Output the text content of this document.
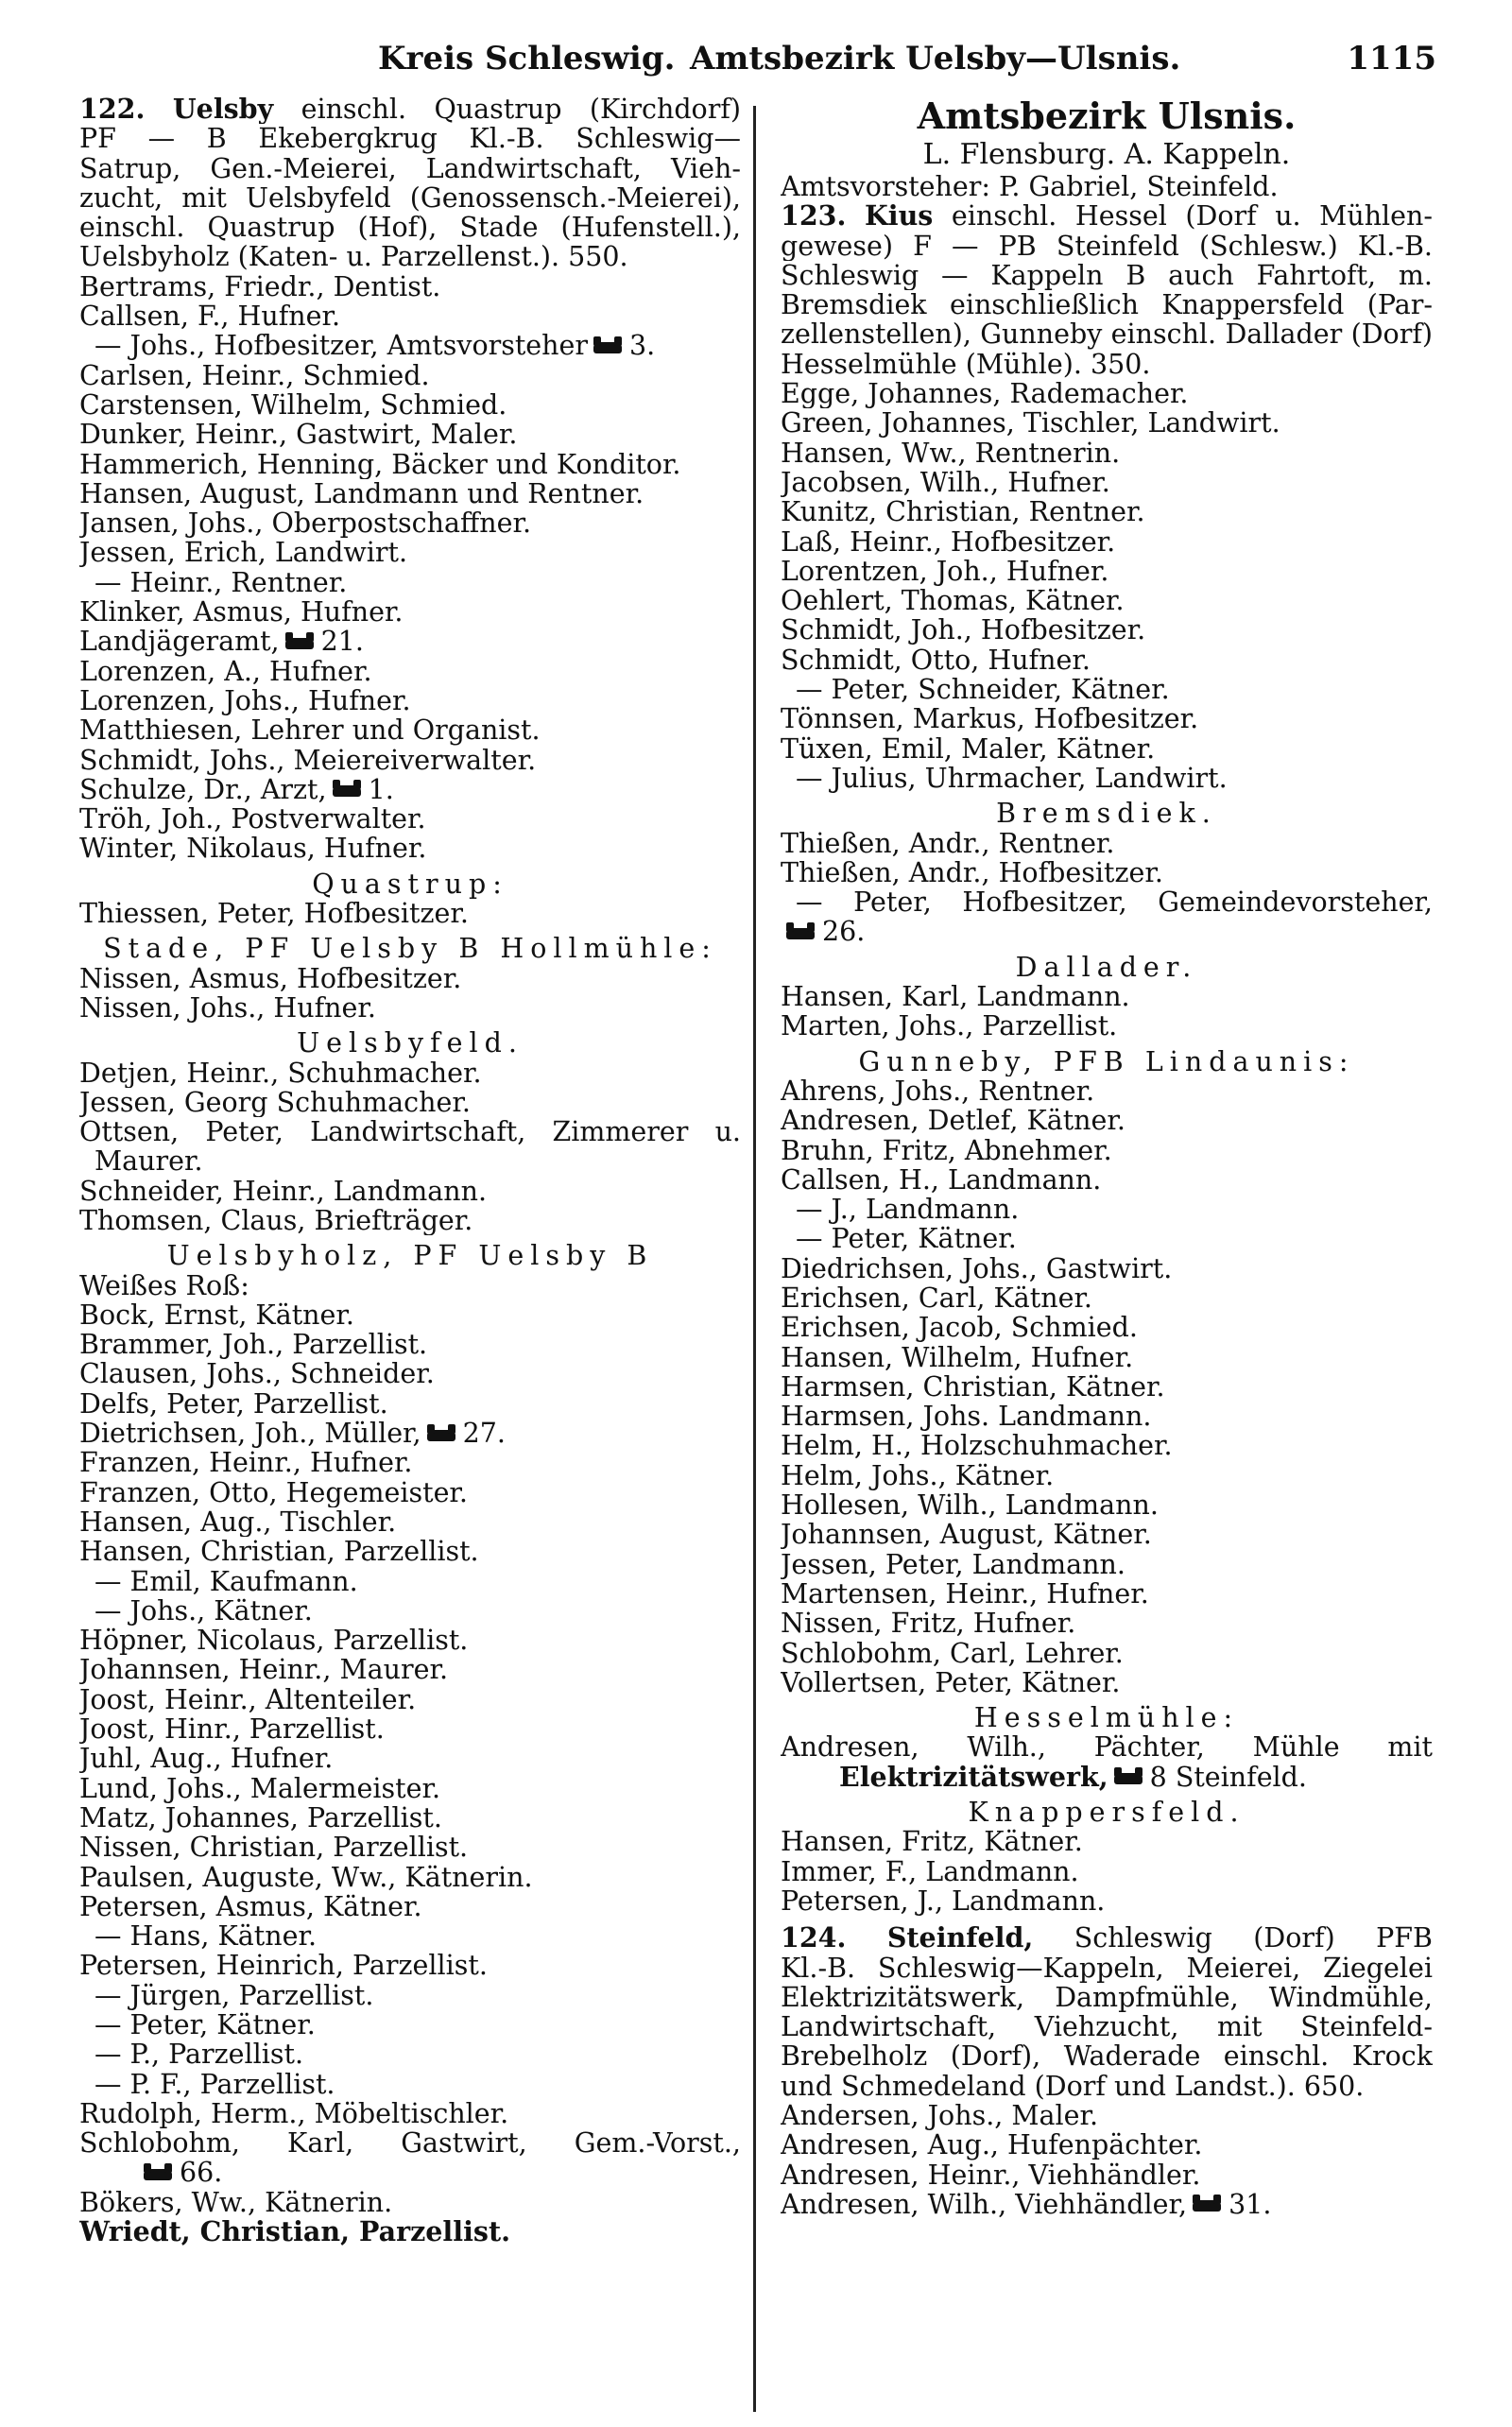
Kreis Schleswig. Amtsbezirk Uelsby—Ulsnis.	1115
122. Uelsby einschl. Quastrup (Kirchdorf)
PF — B Ekebergkrug Kl.-B. Schleswig—
Satrup, Gen.-Meierei, Landwirtschaft, Vieh-
zucht, mit Uelsbyfeld (Genossensch.-Meierei),
einschl. Quastrup (Hof), Stade (Hufenstell.),
Uelsbyholz (Katen- u. Parzellenst.). 550.
Bertrams, Friedr., Dentist.
Callsen, F., Hufner.
— Johs., Hofbesitzer, Amtsvorsteher 3.
Carlsen, Heinr., Schmied.
Carstensen, Wilhelm, Schmied.
Dunker, Heinr., Gastwirt, Maler.
Hammerich, Henning, Bäcker und Konditor.
Hansen, August, Landmann und Rentner.
Jansen, Johs., Oberpostschaffner.
Jessen, Erich, Landwirt.
— Heinr., Rentner.
Klinker, Asmus, Hufner.
Landjägeramt, 21.
Lorenzen, A., Hufner.
Lorenzen, Johs., Hufner.
Matthiesen, Lehrer und Organist.
Schmidt, Johs., Meiereiverwalter.
Schulze, Dr., Arzt, 1.
Tröh, Joh., Postverwalter.
Winter, Nikolaus, Hufner.
Quastrup:
Thiessen, Peter, Hofbesitzer.
Stade, PF Uelsby B Hollmühle:
Nissen, Asmus, Hofbesitzer.
Nissen, Johs., Hufner.
Uelsbyfeld.
Detjen, Heinr., Schuhmacher.
Jessen, Georg Schuhmacher.
Ottsen, Peter, Landwirtschaft, Zimmerer u.
Maurer.
Schneider, Heinr., Landmann.
Thomsen, Claus, Briefträger.
Uelsbyholz, PF Uelsby B
Weißes Roß:
Bock, Ernst, Kätner.
Brammer, Joh., Parzellist.
Clausen, Johs., Schneider.
Delfs, Peter, Parzellist.
Dietrichsen, Joh., Müller, 27.
Franzen, Heinr., Hufner.
Franzen, Otto, Hegemeister.
Hansen, Aug., Tischler.
Hansen, Christian, Parzellist.
— Emil, Kaufmann.
— Johs., Kätner.
Höpner, Nicolaus, Parzellist.
Johannsen, Heinr., Maurer.
Joost, Heinr., Altenteiler.
Joost, Hinr., Parzellist.
Juhl, Aug., Hufner.
Lund, Johs., Malermeister.
Matz, Johannes, Parzellist.
Nissen, Christian, Parzellist.
Paulsen, Auguste, Ww., Kätnerin.
Petersen, Asmus, Kätner.
— Hans, Kätner.
Petersen, Heinrich, Parzellist.
— Jürgen, Parzellist.
— Peter, Kätner.
— P., Parzellist.
— P. F., Parzellist.
Rudolph, Herm., Möbeltischler.
Schlobohm, Karl, Gastwirt, Gem.-Vorst.,
66.
Bökers, Ww., Kätnerin.
Wriedt, Christian, Parzellist.
Amtsbezirk Ulsnis.
L. Flensburg. A. Kappeln.
Amtsvorsteher: P. Gabriel, Steinfeld.
123. Kius einschl. Hessel (Dorf u. Mühlen-
gewese) F — PB Steinfeld (Schlesw.) Kl.-B.
Schleswig — Kappeln B auch Fahrtoft, m.
Bremsdiek einschließlich Knappersfeld (Par-
zellenstellen), Gunneby einschl. Dallader (Dorf)
Hesselmühle (Mühle). 350.
Egge, Johannes, Rademacher.
Green, Johannes, Tischler, Landwirt.
Hansen, Ww., Rentnerin.
Jacobsen, Wilh., Hufner.
Kunitz, Christian, Rentner.
Laß, Heinr., Hofbesitzer.
Lorentzen, Joh., Hufner.
Oehlert, Thomas, Kätner.
Schmidt, Joh., Hofbesitzer.
Schmidt, Otto, Hufner.
— Peter, Schneider, Kätner.
Tönnsen, Markus, Hofbesitzer.
Tüxen, Emil, Maler, Kätner.
— Julius, Uhrmacher, Landwirt.
Bremsdiek.
Thießen, Andr., Rentner.
Thießen, Andr., Hofbesitzer.
— Peter, Hofbesitzer, Gemeindevorsteher,
26.
Dallader.
Hansen, Karl, Landmann.
Marten, Johs., Parzellist.
Gunneby, PFB Lindaunis:
Ahrens, Johs., Rentner.
Andresen, Detlef, Kätner.
Bruhn, Fritz, Abnehmer.
Callsen, H., Landmann.
— J., Landmann.
— Peter, Kätner.
Diedrichsen, Johs., Gastwirt.
Erichsen, Carl, Kätner.
Erichsen, Jacob, Schmied.
Hansen, Wilhelm, Hufner.
Harmsen, Christian, Kätner.
Harmsen, Johs. Landmann.
Helm, H., Holzschuhmacher.
Helm, Johs., Kätner.
Hollesen, Wilh., Landmann.
Johannsen, August, Kätner.
Jessen, Peter, Landmann.
Martensen, Heinr., Hufner.
Nissen, Fritz, Hufner.
Schlobohm, Carl, Lehrer.
Vollertsen, Peter, Kätner.
Hesselmühle:
Andresen, Wilh., Pächter, Mühle mit
Elektrizitätswerk, 8 Steinfeld.
Knappersfeld.
Hansen, Fritz, Kätner.
Immer, F., Landmann.
Petersen, J., Landmann.
124. Steinfeld, Schleswig (Dorf) PFB
Kl.-B. Schleswig—Kappeln, Meierei, Ziegelei
Elektrizitätswerk, Dampfmühle, Windmühle,
Landwirtschaft, Viehzucht, mit Steinfeld-
Brebelholz (Dorf), Waderade einschl. Krock
und Schmedeland (Dorf und Landst.). 650.
Andersen, Johs., Maler.
Andresen, Aug., Hufenpächter.
Andresen, Heinr., Viehhändler.
Andresen, Wilh., Viehhändler, 31.
